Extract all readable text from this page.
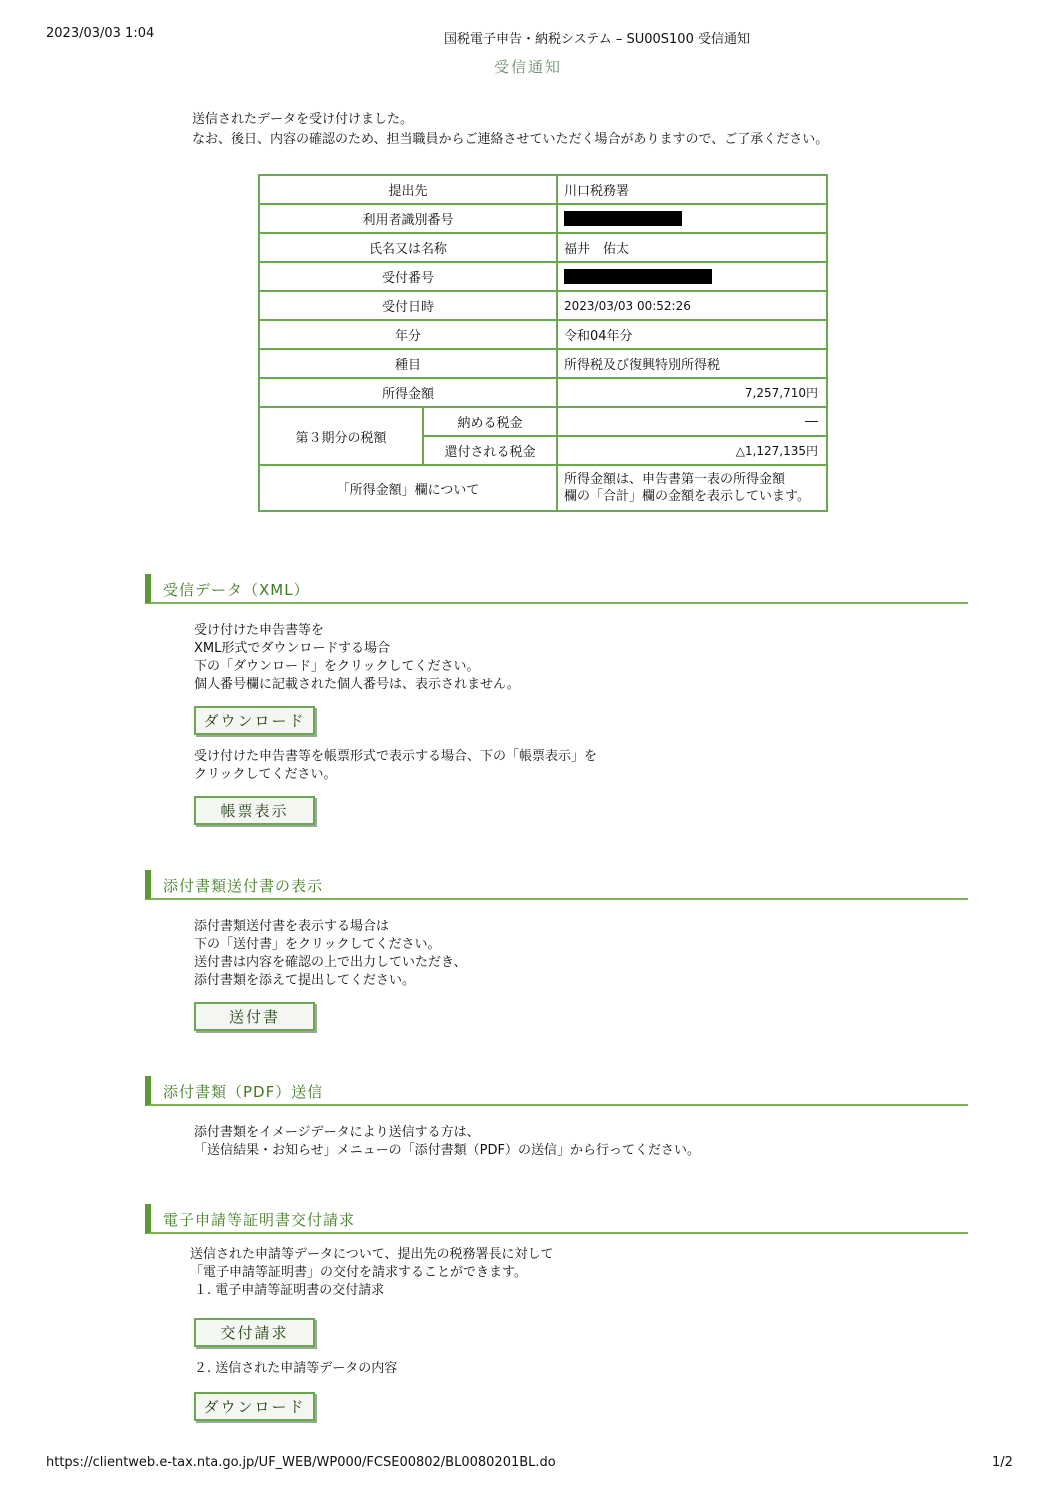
2023/03/03 1:04	国税電子申告・納税システム – SU00S100 受信通知
受信通知
送信されたデータを受け付けました。
なお、後日、内容の確認のため、担当職員からご連絡させていただく場合がありますので、ご了承ください。
提出先		川口税務署
利用者識別番号		
氏名又は名称		福井　佑太
受付番号		
受付日時		2023/03/03 00:52:26
年分		令和04年分
種目		所得税及び復興特別所得税
所得金額		7,257,710円
第３期分の税額	納める税金	―
	還付される税金	△1,127,135円
「所得金額」欄について		所得金額は、申告書第一表の所得金額
欄の「合計」欄の金額を表示しています。
受信データ（XML）
受け付けた申告書等を
XML形式でダウンロードする場合
下の「ダウンロード」をクリックしてください。
個人番号欄に記載された個人番号は、表示されません。
ダウンロード
受け付けた申告書等を帳票形式で表示する場合、下の「帳票表示」を
クリックしてください。
帳票表示
添付書類送付書の表示
添付書類送付書を表示する場合は
下の「送付書」をクリックしてください。
送付書は内容を確認の上で出力していただき、
添付書類を添えて提出してください。
送付書
添付書類（PDF）送信
添付書類をイメージデータにより送信する方は、
「送信結果・お知らせ」メニューの「添付書類（PDF）の送信」から行ってください。
電子申請等証明書交付請求
送信された申請等データについて、提出先の税務署長に対して
「電子申請等証明書」の交付を請求することができます。
１. 電子申請等証明書の交付請求
交付請求
２. 送信された申請等データの内容
ダウンロード
https://clientweb.e-tax.nta.go.jp/UF_WEB/WP000/FCSE00802/BL0080201BL.do	1/2
